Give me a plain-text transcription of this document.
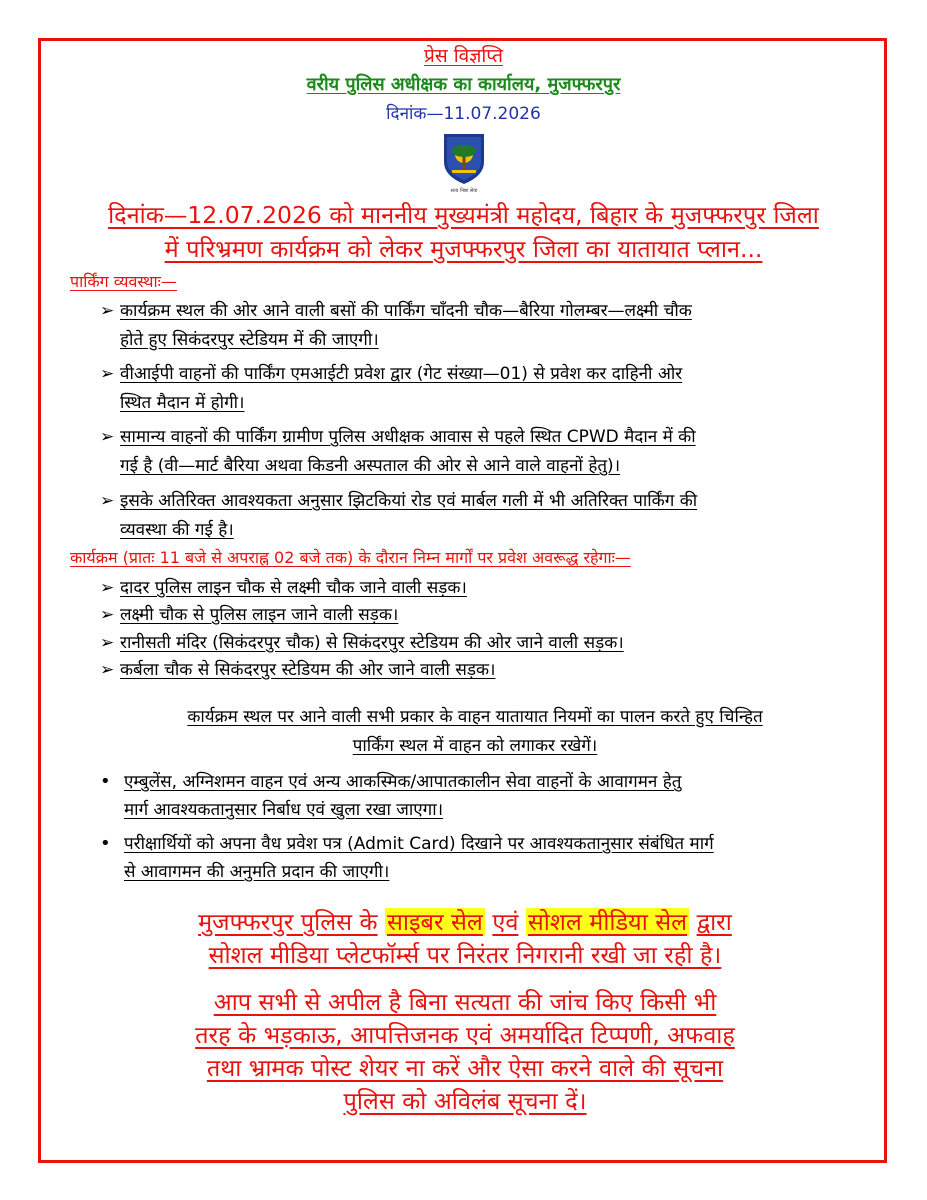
प्रेस विज्ञप्ति
वरीय पुलिस अधीक्षक का कार्यालय, मुजफ्फरपुर
दिनांक—11.07.2026
सत्य निष्ठा सेवा
दिनांक—12.07.2026 को माननीय मुख्यमंत्री महोदय, बिहार के मुजफ्फरपुर जिला
में परिभ्रमण कार्यक्रम को लेकर मुजफ्फरपुर जिला का यातायात प्लान...
पार्किंग व्यवस्थाः—
➢ कार्यक्रम स्थल की ओर आने वाली बसों की पार्किंग चाँदनी चौक—बैरिया गोलम्बर—लक्ष्मी चौक
होते हुए सिकंदरपुर स्टेडियम में की जाएगी।
➢ वीआईपी वाहनों की पार्किंग एमआईटी प्रवेश द्वार (गेट संख्या—01) से प्रवेश कर दाहिनी ओर
स्थित मैदान में होगी।
➢ सामान्य वाहनों की पार्किंग ग्रामीण पुलिस अधीक्षक आवास से पहले स्थित CPWD मैदान में की
गई है (वी—मार्ट बैरिया अथवा किडनी अस्पताल की ओर से आने वाले वाहनों हेतु)।
➢ इसके अतिरिक्त आवश्यकता अनुसार झिटकियां रोड एवं मार्बल गली में भी अतिरिक्त पार्किंग की
व्यवस्था की गई है।
कार्यक्रम (प्रातः 11 बजे से अपराह्न 02 बजे तक) के दौरान निम्न मार्गों पर प्रवेश अवरूद्ध रहेगाः—
➢ दादर पुलिस लाइन चौक से लक्ष्मी चौक जाने वाली सड़क।
➢ लक्ष्मी चौक से पुलिस लाइन जाने वाली सड़क।
➢ रानीसती मंदिर (सिकंदरपुर चौक) से सिकंदरपुर स्टेडियम की ओर जाने वाली सड़क।
➢ कर्बला चौक से सिकंदरपुर स्टेडियम की ओर जाने वाली सड़क।
कार्यक्रम स्थल पर आने वाली सभी प्रकार के वाहन यातायात नियमों का पालन करते हुए चिन्हित
पार्किंग स्थल में वाहन को लगाकर रखेगें।
• एम्बुलेंस, अग्निशमन वाहन एवं अन्य आकस्मिक/आपातकालीन सेवा वाहनों के आवागमन हेतु
मार्ग आवश्यकतानुसार निर्बाध एवं खुला रखा जाएगा।
• परीक्षार्थियों को अपना वैध प्रवेश पत्र (Admit Card) दिखाने पर आवश्यकतानुसार संबंधित मार्ग
से आवागमन की अनुमति प्रदान की जाएगी।
मुजफ्फरपुर पुलिस के साइबर सेल एवं सोशल मीडिया सेल द्वारा
सोशल मीडिया प्लेटफॉर्म्स पर निरंतर निगरानी रखी जा रही है।
आप सभी से अपील है बिना सत्यता की जांच किए किसी भी
तरह के भड़काऊ, आपत्तिजनक एवं अमर्यादित टिप्पणी, अफवाह
तथा भ्रामक पोस्ट शेयर ना करें और ऐसा करने वाले की सूचना
पुलिस को अविलंब सूचना दें।
